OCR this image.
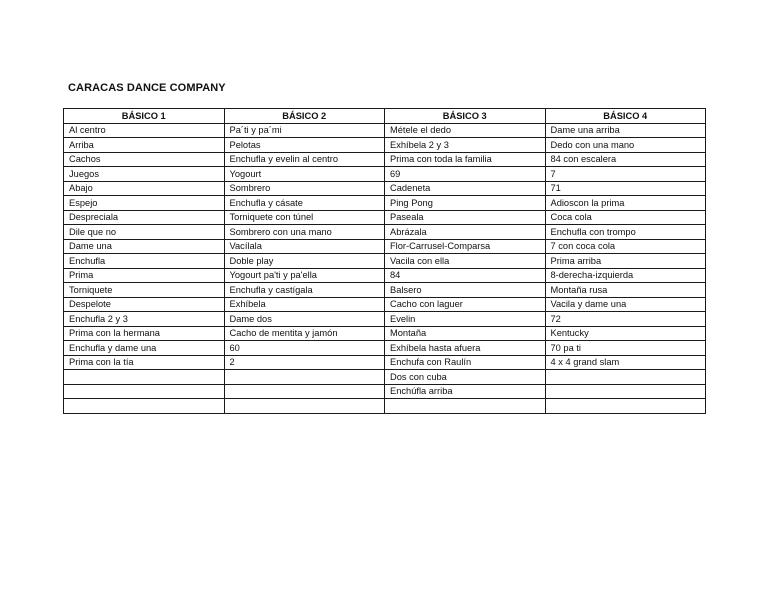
CARACAS DANCE COMPANY
BÁSICO 1	BÁSICO 2	BÁSICO 3	BÁSICO 4
Al centro	Pa´ti y pa´mi	Métele el dedo	Dame una arriba
Arriba	Pelotas	Exhíbela 2 y 3	Dedo con una mano
Cachos	Enchufla y evelin al centro	Prima con toda la familia	84 con escalera
Juegos	Yogourt	69	7
Abajo	Sombrero	Cadeneta	71
Espejo	Enchufla y cásate	Ping Pong	Adioscon la prima
Despreciala	Torniquete con túnel	Paseala	Coca cola
Dile que no	Sombrero con una mano	Abrázala	Enchufla con trompo
Dame una	Vacílala	Flor-Carrusel-Comparsa	7 con coca cola
Enchufla	Doble play	Vacila con ella	Prima arriba
Prima	Yogourt pa'ti y pa'ella	84	8-derecha-izquierda
Torniquete	Enchufla y castígala	Balsero	Montaña rusa
Despelote	Exhíbela	Cacho con laguer	Vacila y dame una
Enchufla 2 y 3	Dame dos	Evelin	72
Prima con la hermana	Cacho de mentita y jamón	Montaña	Kentucky
Enchufla y dame una	60	Exhíbela hasta afuera	70 pa ti
Prima con la tía	2	Enchufa con Raulín	4 x 4 grand slam
		Dos con cuba	
		Enchúfla arriba	
